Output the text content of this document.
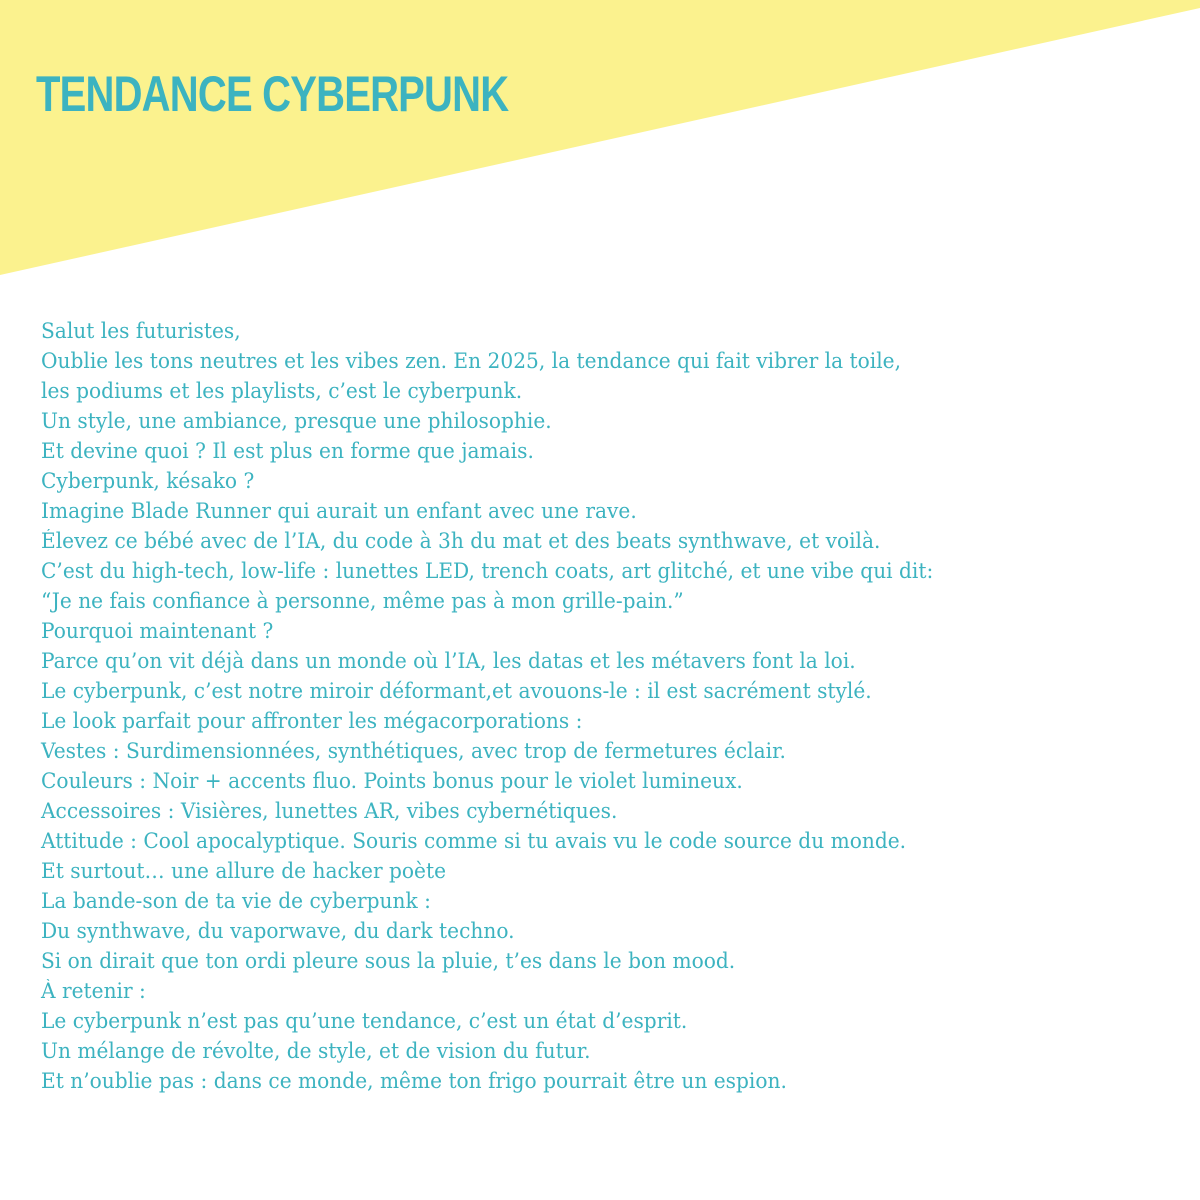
TENDANCE CYBERPUNK
Salut les futuristes,
Oublie les tons neutres et les vibes zen. En 2025, la tendance qui fait vibrer la toile,
les podiums et les playlists, c’est le cyberpunk.
Un style, une ambiance, presque une philosophie.
Et devine quoi ? Il est plus en forme que jamais.
Cyberpunk, késako ?
Imagine Blade Runner qui aurait un enfant avec une rave.
Élevez ce bébé avec de l’IA, du code à 3h du mat et des beats synthwave, et voilà.
C’est du high-tech, low-life : lunettes LED, trench coats, art glitché, et une vibe qui dit:
“Je ne fais confiance à personne, même pas à mon grille-pain.”
Pourquoi maintenant ?
Parce qu’on vit déjà dans un monde où l’IA, les datas et les métavers font la loi.
Le cyberpunk, c’est notre miroir déformant,et avouons-le : il est sacrément stylé.
Le look parfait pour affronter les mégacorporations :
Vestes : Surdimensionnées, synthétiques, avec trop de fermetures éclair.
Couleurs : Noir + accents fluo. Points bonus pour le violet lumineux.
Accessoires : Visières, lunettes AR, vibes cybernétiques.
Attitude : Cool apocalyptique. Souris comme si tu avais vu le code source du monde.
Et surtout… une allure de hacker poète
La bande-son de ta vie de cyberpunk :
Du synthwave, du vaporwave, du dark techno.
Si on dirait que ton ordi pleure sous la pluie, t’es dans le bon mood.
À retenir :
Le cyberpunk n’est pas qu’une tendance, c’est un état d’esprit.
Un mélange de révolte, de style, et de vision du futur.
Et n’oublie pas : dans ce monde, même ton frigo pourrait être un espion.
